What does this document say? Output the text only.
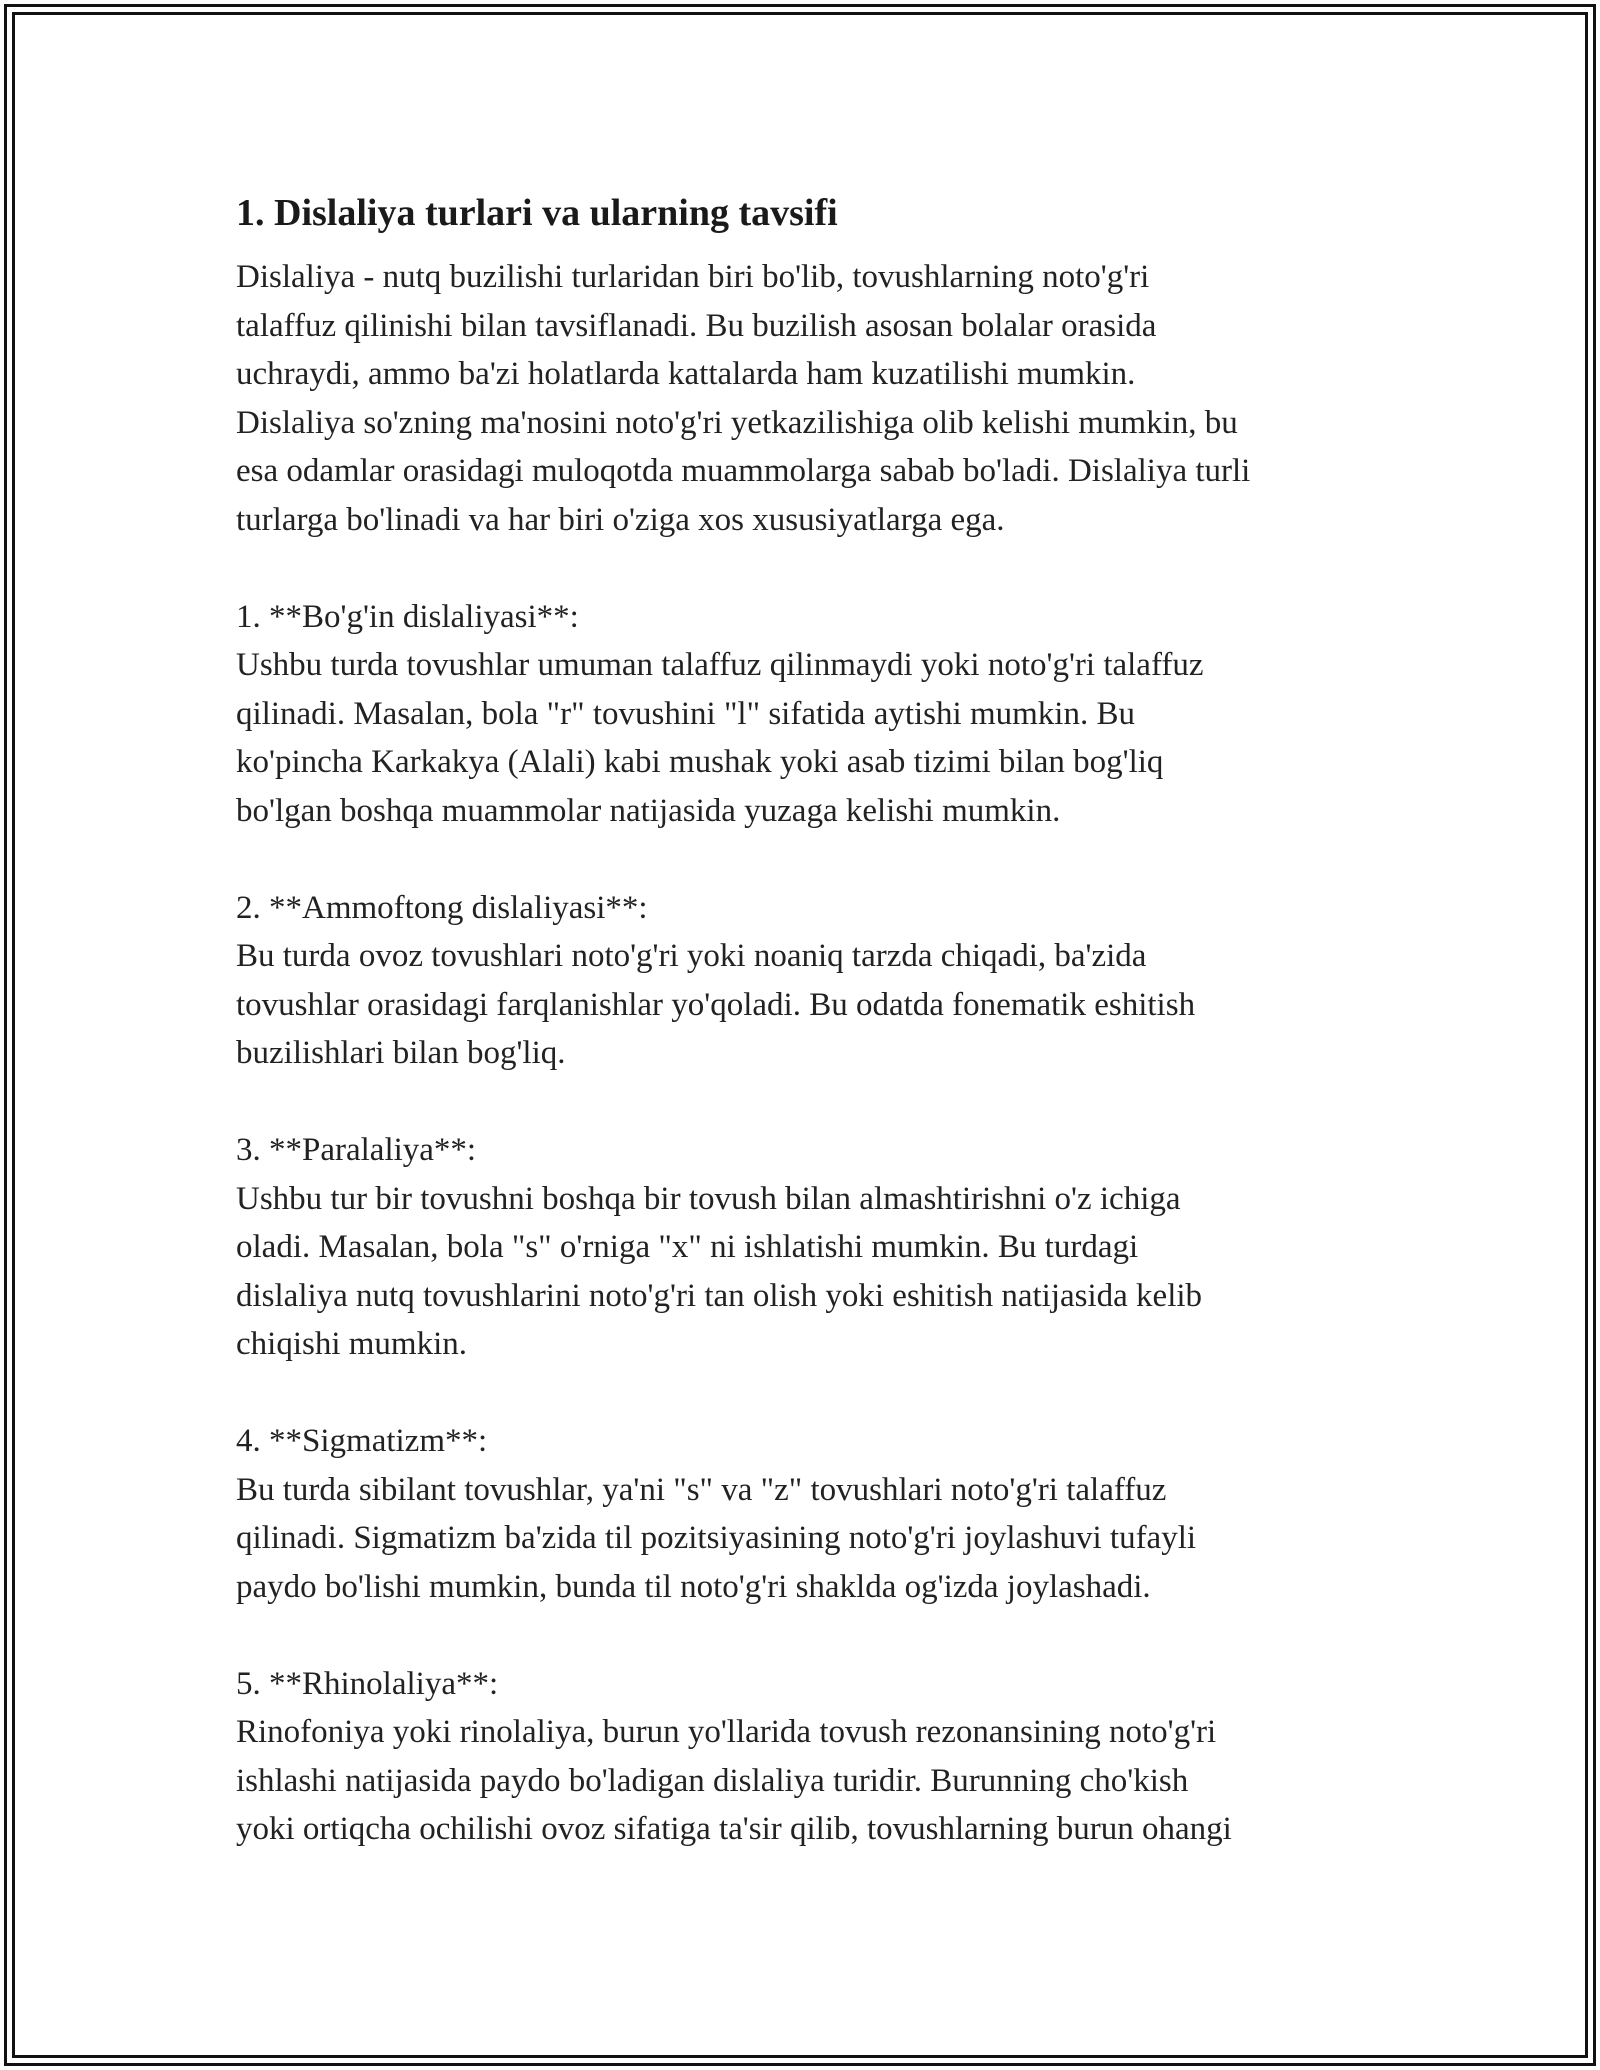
1. Dislaliya turlari va ularning tavsifi

Dislaliya - nutq buzilishi turlaridan biri bo'lib, tovushlarning noto'g'ri
talaffuz qilinishi bilan tavsiflanadi. Bu buzilish asosan bolalar orasida
uchraydi, ammo ba'zi holatlarda kattalarda ham kuzatilishi mumkin.
Dislaliya so'zning ma'nosini noto'g'ri yetkazilishiga olib kelishi mumkin, bu
esa odamlar orasidagi muloqotda muammolarga sabab bo'ladi. Dislaliya turli
turlarga bo'linadi va har biri o'ziga xos xususiyatlarga ega.

1. **Bo'g'in dislaliyasi**:

Ushbu turda tovushlar umuman talaffuz qilinmaydi yoki noto'g'ri talaffuz
qilinadi. Masalan, bola "r" tovushini "l" sifatida aytishi mumkin. Bu
ko'pincha Karkakya (Alali) kabi mushak yoki asab tizimi bilan bog'liq
bo'lgan boshqa muammolar natijasida yuzaga kelishi mumkin.

2. **Ammoftong dislaliyasi**:

Bu turda ovoz tovushlari noto'g'ri yoki noaniq tarzda chiqadi, ba'zida
tovushlar orasidagi farqlanishlar yo'qoladi. Bu odatda fonematik eshitish
buzilishlari bilan bog'liq.

3. **Paralaliya**:

Ushbu tur bir tovushni boshqa bir tovush bilan almashtirishni o'z ichiga
oladi. Masalan, bola "s" o'rniga "x" ni ishlatishi mumkin. Bu turdagi
dislaliya nutq tovushlarini noto'g'ri tan olish yoki eshitish natijasida kelib
chiqishi mumkin.

4. **Sigmatizm**:

Bu turda sibilant tovushlar, ya'ni "s" va "z" tovushlari noto'g'ri talaffuz
qilinadi. Sigmatizm ba'zida til pozitsiyasining noto'g'ri joylashuvi tufayli
paydo bo'lishi mumkin, bunda til noto'g'ri shaklda og'izda joylashadi.

5. **Rhinolaliya**:

Rinofoniya yoki rinolaliya, burun yo'llarida tovush rezonansining noto'g'ri
ishlashi natijasida paydo bo'ladigan dislaliya turidir. Burunning cho'kish
yoki ortiqcha ochilishi ovoz sifatiga ta'sir qilib, tovushlarning burun ohangi
